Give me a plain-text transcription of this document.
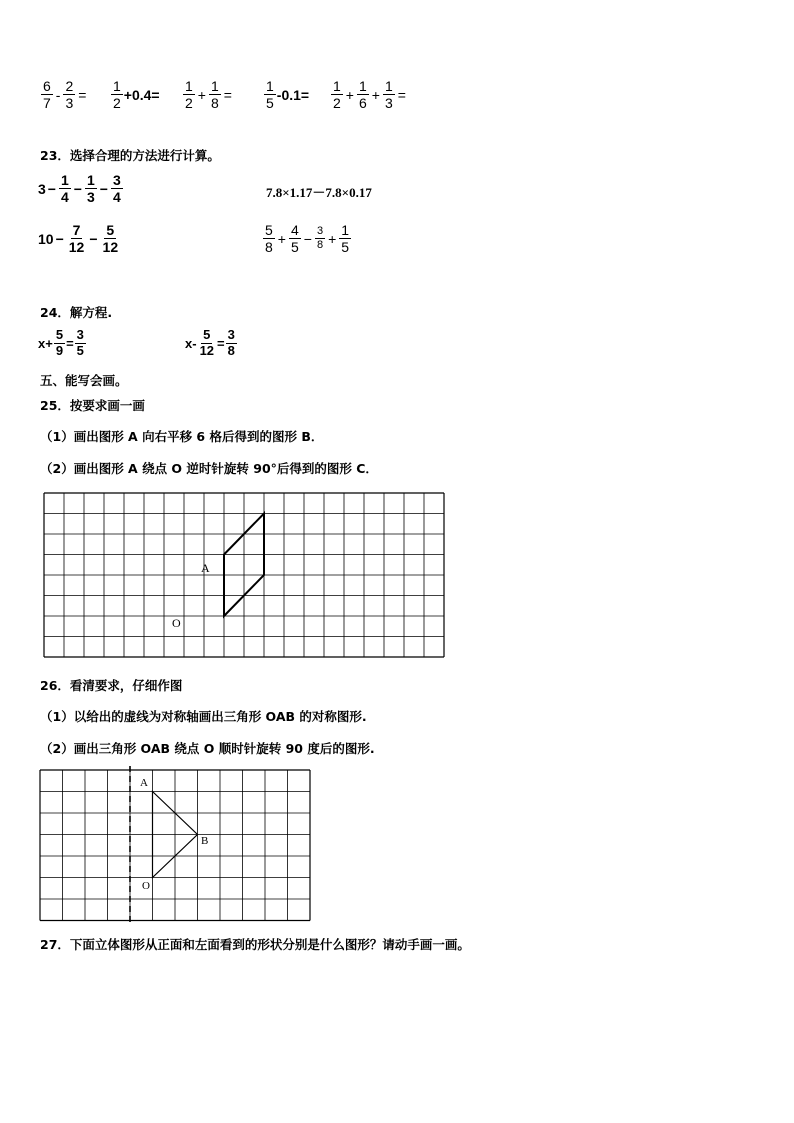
$\frac{6}{7} - \frac{2}{3} = \frac{1}{2} +0.4= \frac{1}{2} + \frac{1}{8} = \frac{1}{5} -0.1= \frac{1}{2} + \frac{1}{6} + \frac{1}{3}$ =
23．选择合理的方法进行计算。
$3 - \frac{1}{4} - \frac{1}{3} - \frac{3}{4}$	7.8×1.17－7.8×0.17
$10 - \frac{7}{12} - \frac{5}{12}$	$\frac{5}{8} + \frac{4}{5} - \frac{3}{8} + \frac{1}{5}$
24．解方程.
$x+ \frac{5}{9} = \frac{3}{5}$	$x- \frac{5}{12} = \frac{3}{8}$
五、能写会画。
25．按要求画一画
（1）画出图形 A 向右平移 6 格后得到的图形 B．
（2）画出图形 A 绕点 O 逆时针旋转 90°后得到的图形 C．
A
O
26．看清要求，仔细作图
（1）以给出的虚线为对称轴画出三角形 OAB 的对称图形.
（2）画出三角形 OAB 绕点 O 顺时针旋转 90 度后的图形.
A
B
O
27．下面立体图形从正面和左面看到的形状分别是什么图形？请动手画一画。
